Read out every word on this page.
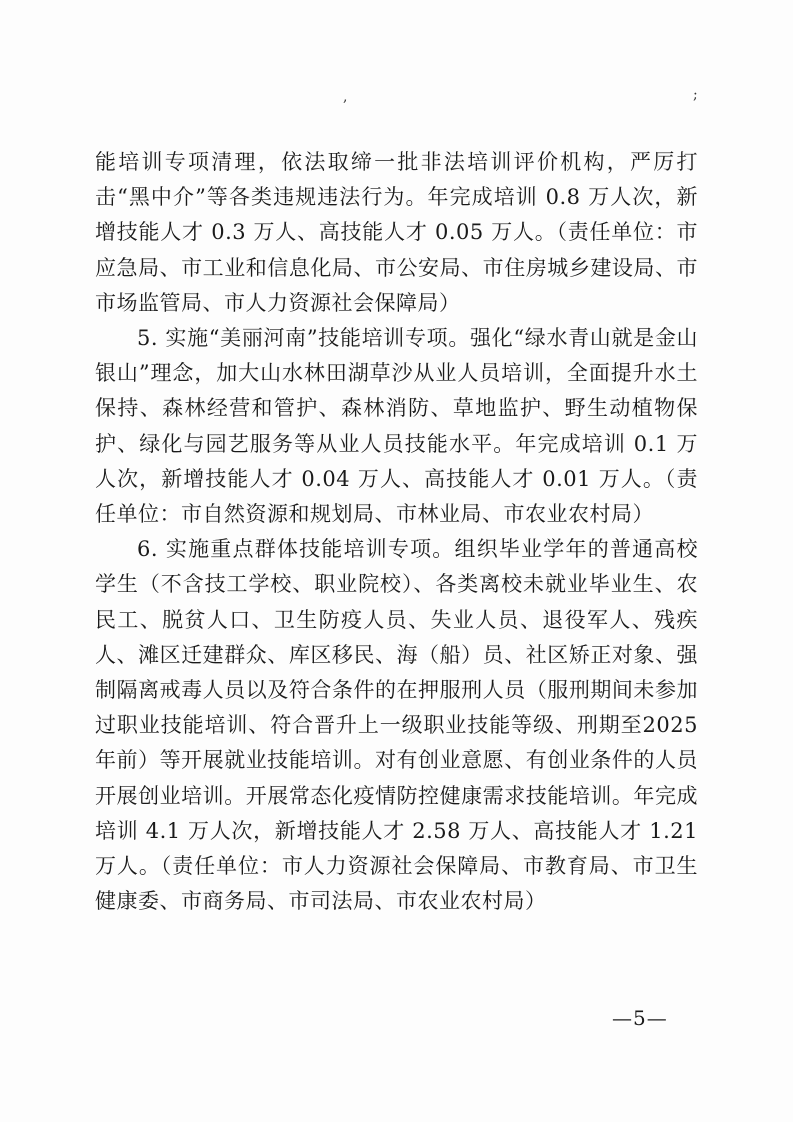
,	;

能培训专项清理，依法取缔一批非法培训评价机构，严厉打击“黑中介”等各类违规违法行为。年完成培训 0.8 万人次，新增技能人才 0.3 万人、高技能人才 0.05 万人。（责任单位：市应急局、市工业和信息化局、市公安局、市住房城乡建设局、市市场监管局、市人力资源社会保障局）

5. 实施“美丽河南”技能培训专项。强化“绿水青山就是金山银山”理念，加大山水林田湖草沙从业人员培训，全面提升水土保持、森林经营和管护、森林消防、草地监护、野生动植物保护、绿化与园艺服务等从业人员技能水平。年完成培训 0.1 万人次，新增技能人才 0.04 万人、高技能人才 0.01 万人。（责任单位：市自然资源和规划局、市林业局、市农业农村局）

6. 实施重点群体技能培训专项。组织毕业学年的普通高校学生（不含技工学校、职业院校）、各类离校未就业毕业生、农民工、脱贫人口、卫生防疫人员、失业人员、退役军人、残疾人、滩区迁建群众、库区移民、海（船）员、社区矫正对象、强制隔离戒毒人员以及符合条件的在押服刑人员（服刑期间未参加过职业技能培训、符合晋升上一级职业技能等级、刑期至2025年前）等开展就业技能培训。对有创业意愿、有创业条件的人员开展创业培训。开展常态化疫情防控健康需求技能培训。年完成培训 4.1 万人次，新增技能人才 2.58 万人、高技能人才 1.21 万人。（责任单位：市人力资源社会保障局、市教育局、市卫生健康委、市商务局、市司法局、市农业农村局）

—5—
